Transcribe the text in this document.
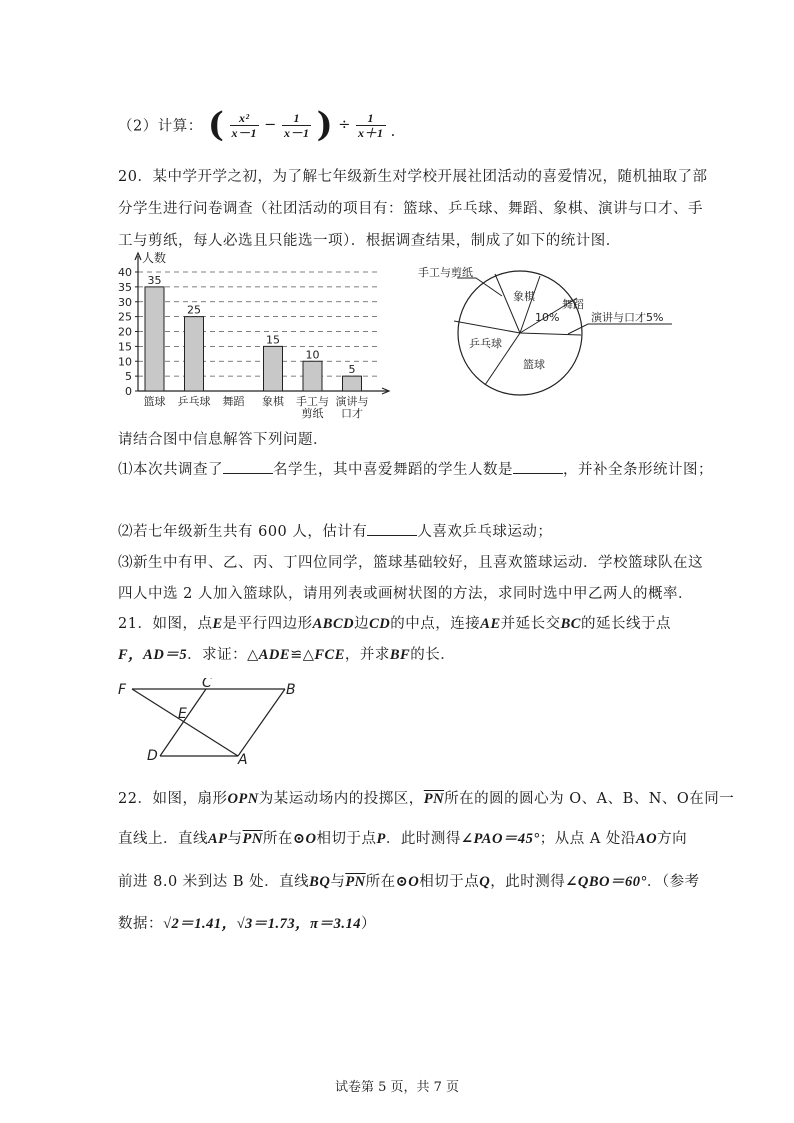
（2）计算： ( $\frac{\text{x²}}{x-1} - \frac{1}{x-1}$ ) ÷ $\frac{1}{x+1}$ .
20．某中学开学之初，为了解七年级新生对学校开展社团活动的喜爱情况，随机抽取了部
分学生进行问卷调查（社团活动的项目有：篮球、乒乓球、舞蹈、象棋、演讲与口才、手
工与剪纸，每人必选且只能选一项）．根据调查结果，制成了如下的统计图．
0
5
10
15
20
25
30
35
40
人数
35
篮球
25
乒乓球 舞蹈
15
象棋
10
手工与
剪纸
5
演讲与
口才
手工与剪纸
象棋
舞蹈
10%	演讲与口才5%
乒乓球
篮球
请结合图中信息解答下列问题．
⑴本次共调查了	名学生，其中喜爱舞蹈的学生人数是	，并补全条形统计图；
⑵若七年级新生共有 600 人，估计有	人喜欢乒乓球运动；
⑶新生中有甲、乙、丙、丁四位同学，篮球基础较好，且喜欢篮球运动．学校篮球队在这
四人中选 2 人加入篮球队，请用列表或画树状图的方法，求同时选中甲乙两人的概率．
21．如图，点E是平行四边形ABCD边CD的中点，连接AE并延长交BC的延长线于点
F，AD＝5．求证：△ADE≌△FCE，并求BF的长．
F	C	B
E
D	A
22．如图，扇形OPN为某运动场内的投掷区，$\overline{PN}$所在的圆的圆心为 O、A、B、N、O在同一
直线上．直线AP与$\overline{PN}$所在⊙O相切于点P．此时测得∠PAO＝45°；从点 A 处沿AO方向
前进 8.0 米到达 B 处．直线BQ与$\overline{PN}$所在⊙O相切于点Q，此时测得∠QBO＝60°．（参考
数据：√2＝1.41，√3＝1.73，π＝3.14）
试卷第 5 页，共 7 页
